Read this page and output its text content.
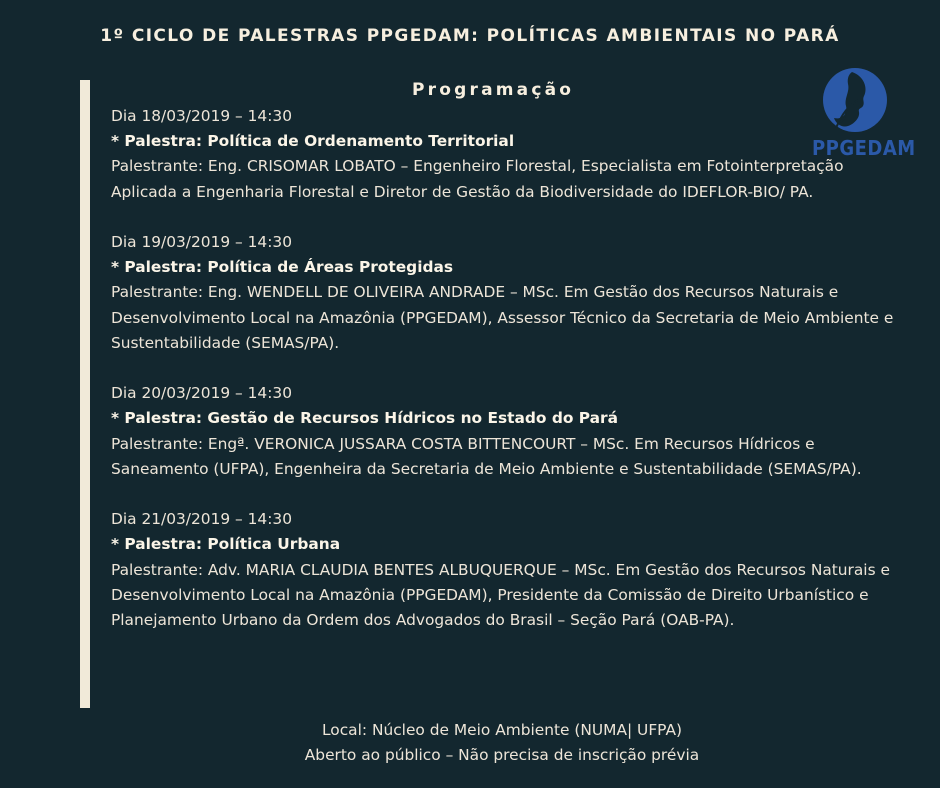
1º CICLO DE PALESTRAS PPGEDAM: POLÍTICAS AMBIENTAIS NO PARÁ
Programação
PPGEDAM
Dia 18/03/2019 – 14:30
* Palestra: Política de Ordenamento Territorial
Palestrante: Eng. CRISOMAR LOBATO – Engenheiro Florestal, Especialista em Fotointerpretação Aplicada a Engenharia Florestal e Diretor de Gestão da Biodiversidade do IDEFLOR-BIO/ PA.
Dia 19/03/2019 – 14:30
* Palestra: Política de Áreas Protegidas
Palestrante: Eng. WENDELL DE OLIVEIRA ANDRADE – MSc. Em Gestão dos Recursos Naturais e Desenvolvimento Local na Amazônia (PPGEDAM), Assessor Técnico da Secretaria de Meio Ambiente e Sustentabilidade (SEMAS/PA).
Dia 20/03/2019 – 14:30
* Palestra: Gestão de Recursos Hídricos no Estado do Pará
Palestrante: Engª. VERONICA JUSSARA COSTA BITTENCOURT – MSc. Em Recursos Hídricos e Saneamento (UFPA), Engenheira da Secretaria de Meio Ambiente e Sustentabilidade (SEMAS/PA).
Dia 21/03/2019 – 14:30
* Palestra: Política Urbana
Palestrante: Adv. MARIA CLAUDIA BENTES ALBUQUERQUE – MSc. Em Gestão dos Recursos Naturais e Desenvolvimento Local na Amazônia (PPGEDAM), Presidente da Comissão de Direito Urbanístico e Planejamento Urbano da Ordem dos Advogados do Brasil – Seção Pará (OAB-PA).
Local: Núcleo de Meio Ambiente (NUMA| UFPA)
Aberto ao público – Não precisa de inscrição prévia
